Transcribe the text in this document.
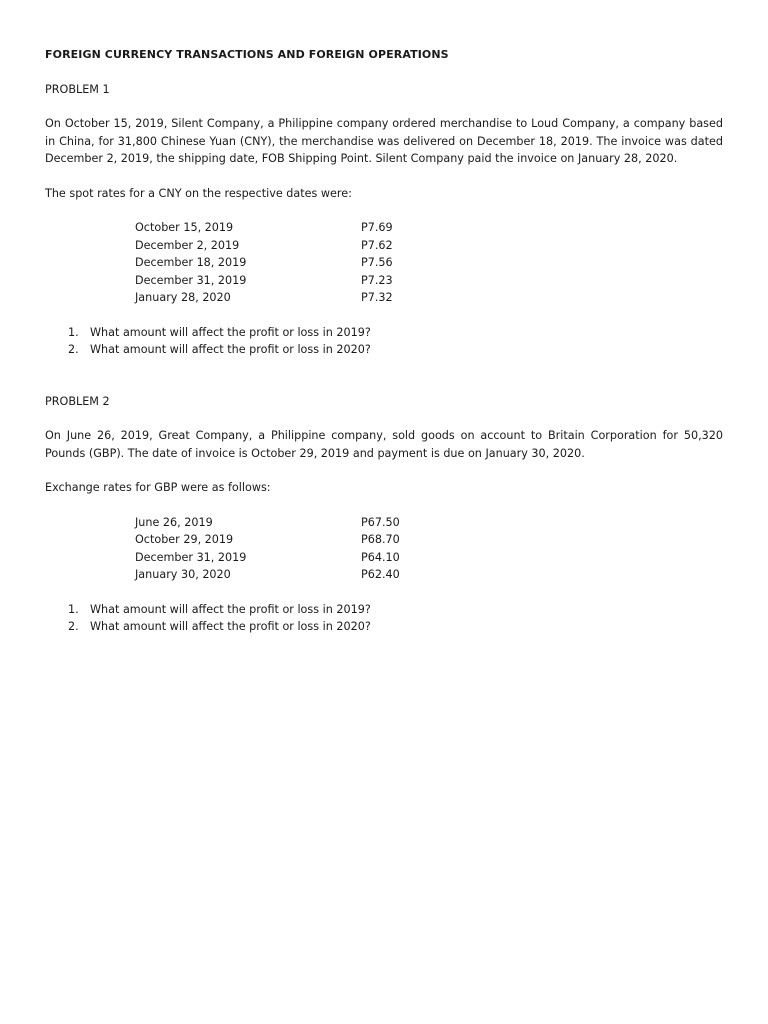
FOREIGN CURRENCY TRANSACTIONS AND FOREIGN OPERATIONS
PROBLEM 1
On October 15, 2019, Silent Company, a Philippine company ordered merchandise to Loud Company, a company based in China, for 31,800 Chinese Yuan (CNY), the merchandise was delivered on December 18, 2019. The invoice was dated December 2, 2019, the shipping date, FOB Shipping Point. Silent Company paid the invoice on January 28, 2020.
The spot rates for a CNY on the respective dates were:
October 15, 2019	P7.69
December 2, 2019	P7.62
December 18, 2019	P7.56
December 31, 2019	P7.23
January 28, 2020	P7.32
1. What amount will affect the profit or loss in 2019?
2. What amount will affect the profit or loss in 2020?
PROBLEM 2
On June 26, 2019, Great Company, a Philippine company, sold goods on account to Britain Corporation for 50,320 Pounds (GBP). The date of invoice is October 29, 2019 and payment is due on January 30, 2020.
Exchange rates for GBP were as follows:
June 26, 2019	P67.50
October 29, 2019	P68.70
December 31, 2019	P64.10
January 30, 2020	P62.40
1. What amount will affect the profit or loss in 2019?
2. What amount will affect the profit or loss in 2020?
